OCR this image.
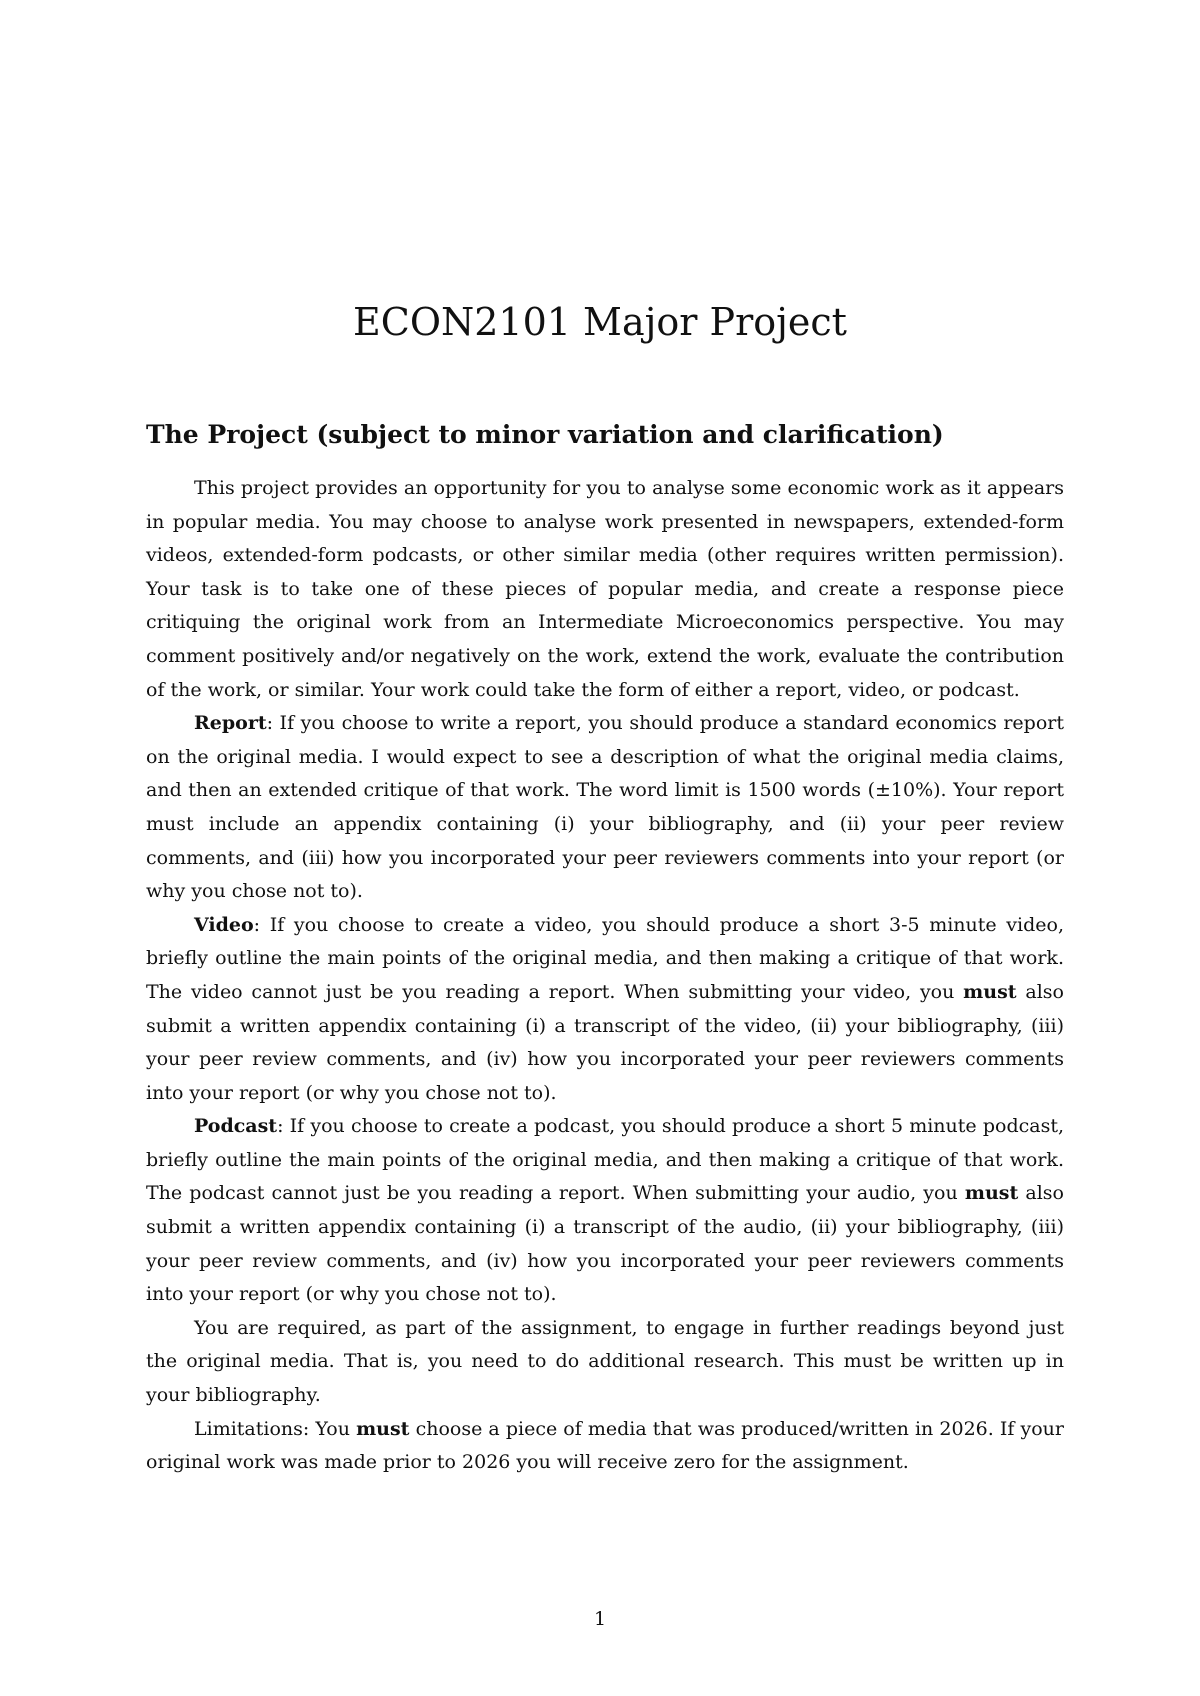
ECON2101 Major Project
The Project (subject to minor variation and clarification)

This project provides an opportunity for you to analyse some economic work as it appears in popular media. You may choose to analyse work presented in newspapers, extended-form videos, extended-form podcasts, or other similar media (other requires written permission). Your task is to take one of these pieces of popular media, and create a response piece critiquing the original work from an Intermediate Microeconomics perspective. You may comment positively and/or negatively on the work, extend the work, evaluate the contribution of the work, or similar. Your work could take the form of either a report, video, or podcast.

Report: If you choose to write a report, you should produce a standard economics report on the original media. I would expect to see a description of what the original media claims, and then an extended critique of that work. The word limit is 1500 words (±10%). Your report must include an appendix containing (i) your bibliography, and (ii) your peer review comments, and (iii) how you incorporated your peer reviewers comments into your report (or why you chose not to).

Video: If you choose to create a video, you should produce a short 3-5 minute video, briefly outline the main points of the original media, and then making a critique of that work. The video cannot just be you reading a report. When submitting your video, you must also submit a written appendix containing (i) a transcript of the video, (ii) your bibliography, (iii) your peer review comments, and (iv) how you incorporated your peer reviewers comments into your report (or why you chose not to).

Podcast: If you choose to create a podcast, you should produce a short 5 minute podcast, briefly outline the main points of the original media, and then making a critique of that work. The podcast cannot just be you reading a report. When submitting your audio, you must also submit a written appendix containing (i) a transcript of the audio, (ii) your bibliography, (iii) your peer review comments, and (iv) how you incorporated your peer reviewers comments into your report (or why you chose not to).

You are required, as part of the assignment, to engage in further readings beyond just the original media. That is, you need to do additional research. This must be written up in your bibliography.

Limitations: You must choose a piece of media that was produced/written in 2026. If your original work was made prior to 2026 you will receive zero for the assignment.

1
